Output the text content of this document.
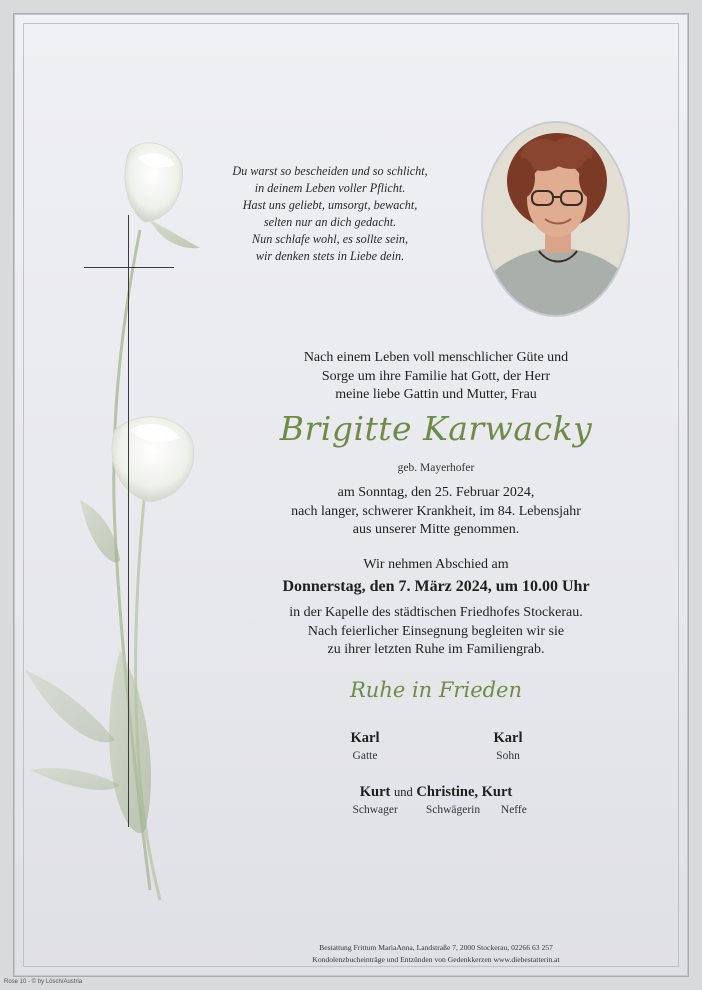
Du warst so bescheiden und so schlicht,
in deinem Leben voller Pflicht.
Hast uns geliebt, umsorgt, bewacht,
selten nur an dich gedacht.
Nun schlafe wohl, es sollte sein,
wir denken stets in Liebe dein.
Nach einem Leben voll menschlicher Güte und
Sorge um ihre Familie hat Gott, der Herr
meine liebe Gattin und Mutter, Frau
Brigitte Karwacky
geb. Mayerhofer
am Sonntag, den 25. Februar 2024,
nach langer, schwerer Krankheit, im 84. Lebensjahr
aus unserer Mitte genommen.
Wir nehmen Abschied am
Donnerstag, den 7. März 2024, um 10.00 Uhr
in der Kapelle des städtischen Friedhofes Stockerau.
Nach feierlicher Einsegnung begleiten wir sie
zu ihrer letzten Ruhe im Familiengrab.
Ruhe in Frieden
Karl
Gatte
Karl
Sohn
Kurt und Christine, Kurt
Schwager Schwägerin Neffe
Bestattung Frittum MariaAnna, Landstraße 7, 2000 Stockerau, 02266 63 257
Kondolenzbucheinträge und Entzünden von Gedenkkerzen www.diebestatterin.at
Rose 10 - © by Lösch/Austria
